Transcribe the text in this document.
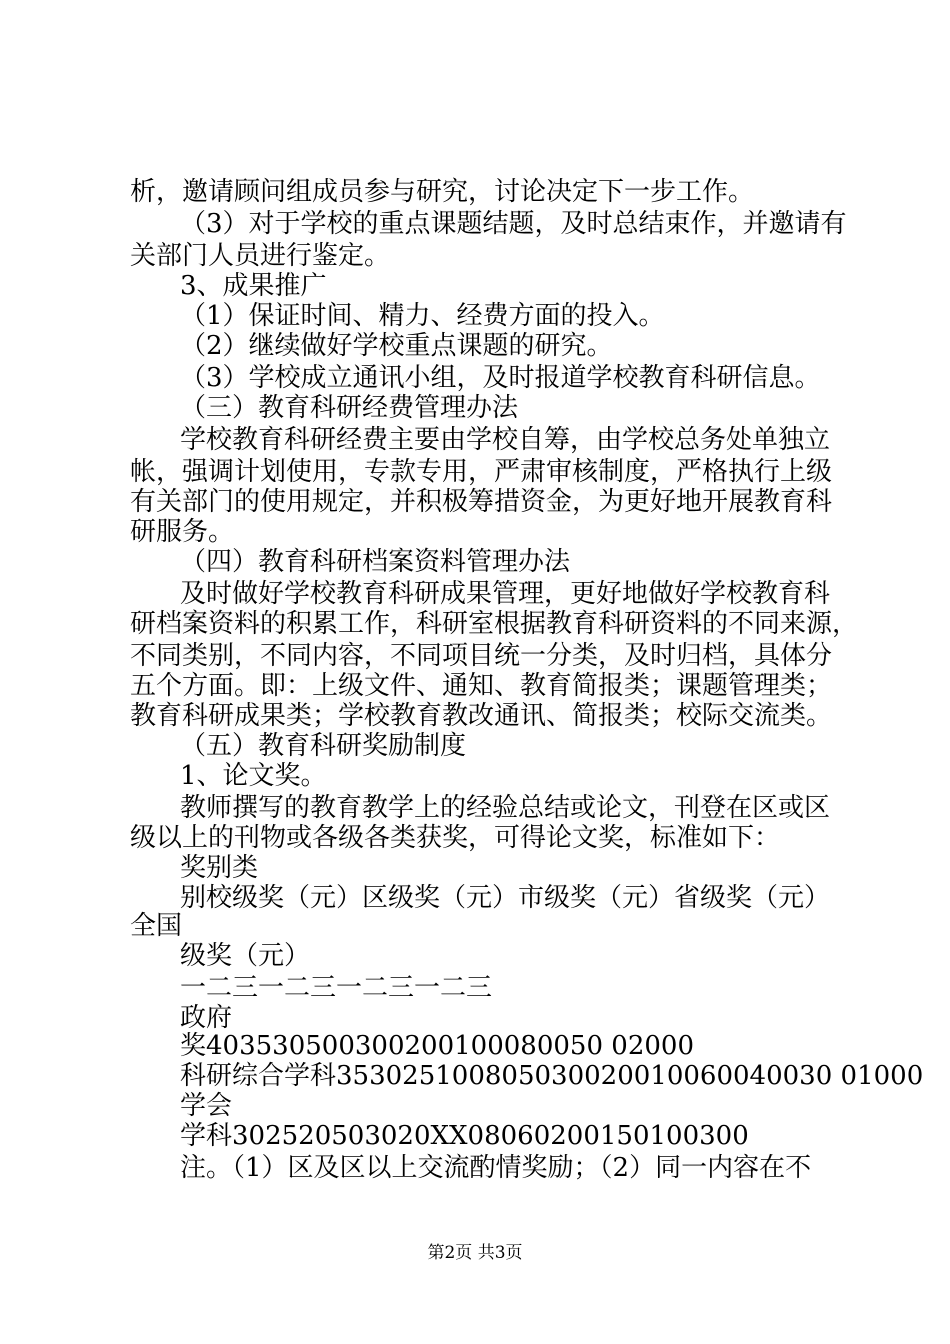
析，邀请顾问组成员参与研究，讨论决定下一步工作。
（3）对于学校的重点课题结题，及时总结束作，并邀请有
关部门人员进行鉴定。
3、成果推广
（1）保证时间、精力、经费方面的投入。
（2）继续做好学校重点课题的研究。
（3）学校成立通讯小组，及时报道学校教育科研信息。
（三）教育科研经费管理办法
学校教育科研经费主要由学校自筹，由学校总务处单独立
帐，强调计划使用，专款专用，严肃审核制度，严格执行上级
有关部门的使用规定，并积极筹措资金，为更好地开展教育科
研服务。
（四）教育科研档案资料管理办法
及时做好学校教育科研成果管理，更好地做好学校教育科
研档案资料的积累工作，科研室根据教育科研资料的不同来源，
不同类别，不同内容，不同项目统一分类，及时归档，具体分
五个方面。即：上级文件、通知、教育简报类；课题管理类；
教育科研成果类；学校教育教改通讯、简报类；校际交流类。
（五）教育科研奖励制度
1、论文奖。
教师撰写的教育教学上的经验总结或论文，刊登在区或区
级以上的刊物或各级各类获奖，可得论文奖，标准如下：
奖别类
别校级奖（元）区级奖（元）市级奖（元）省级奖（元）
全国
级奖（元）
一二三一二三一二三一二三
政府
奖403530500300200100080050 02000
科研综合学科353025100805030020010060040030 01000
学会
学科302520503020XX08060200150100300
注。（1）区及区以上交流酌情奖励；（2）同一内容在不
第2页 共3页
